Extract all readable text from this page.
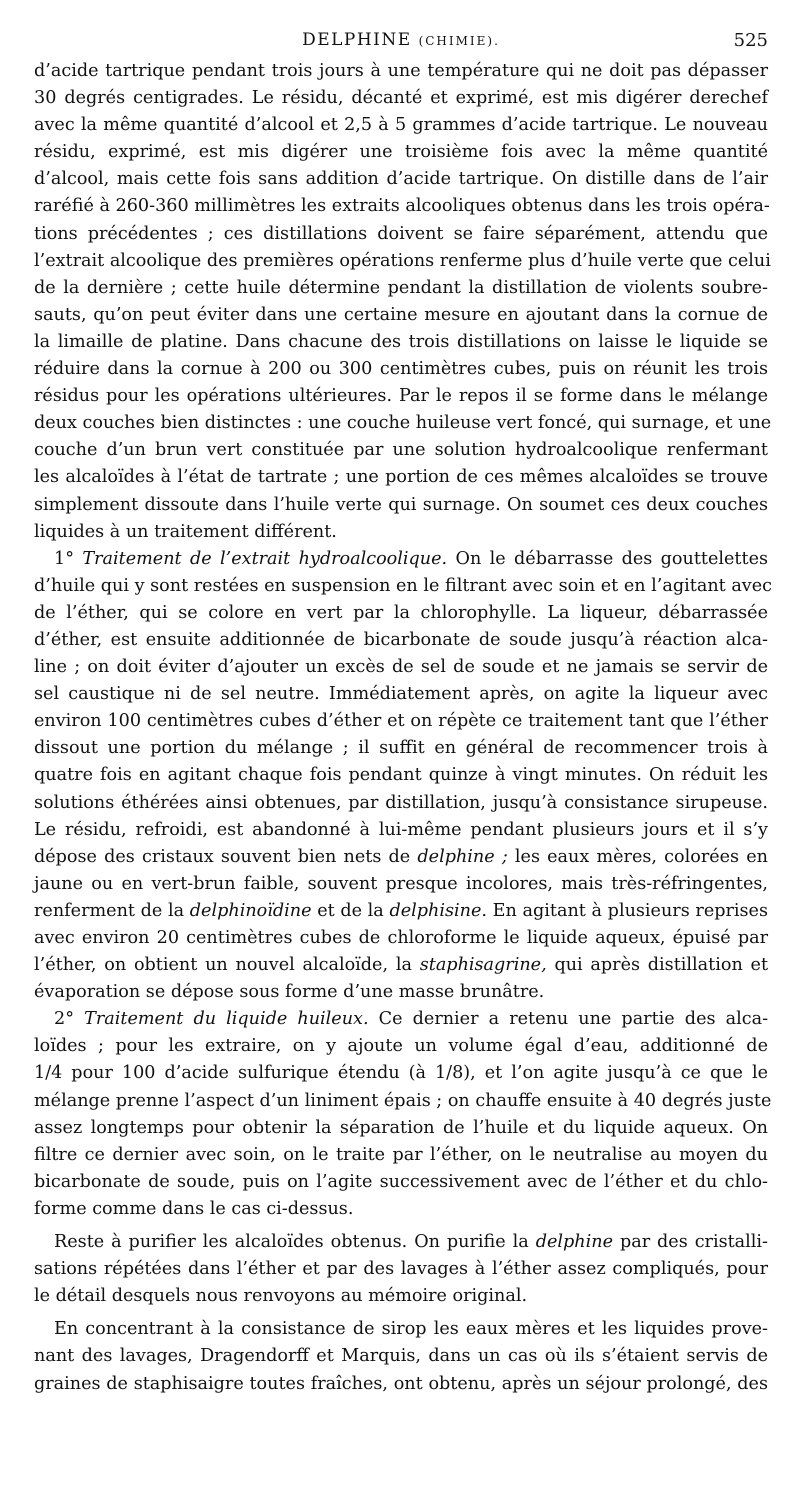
DELPHINE (CHIMIE).	525
d’acide tartrique pendant trois jours à une température qui ne doit pas dépasser
30 degrés centigrades. Le résidu, décanté et exprimé, est mis digérer derechef
avec la même quantité d’alcool et 2,5 à 5 grammes d’acide tartrique. Le nouveau
résidu, exprimé, est mis digérer une troisième fois avec la même quantité
d’alcool, mais cette fois sans addition d’acide tartrique. On distille dans de l’air
raréfié à 260-360 millimètres les extraits alcooliques obtenus dans les trois opéra-
tions précédentes ; ces distillations doivent se faire séparément, attendu que
l’extrait alcoolique des premières opérations renferme plus d’huile verte que celui
de la dernière ; cette huile détermine pendant la distillation de violents soubre-
sauts, qu’on peut éviter dans une certaine mesure en ajoutant dans la cornue de
la limaille de platine. Dans chacune des trois distillations on laisse le liquide se
réduire dans la cornue à 200 ou 300 centimètres cubes, puis on réunit les trois
résidus pour les opérations ultérieures. Par le repos il se forme dans le mélange
deux couches bien distinctes : une couche huileuse vert foncé, qui surnage, et une
couche d’un brun vert constituée par une solution hydroalcoolique renfermant
les alcaloïdes à l’état de tartrate ; une portion de ces mêmes alcaloïdes se trouve
simplement dissoute dans l’huile verte qui surnage. On soumet ces deux couches
liquides à un traitement différent.
1° Traitement de l’extrait hydroalcoolique. On le débarrasse des gouttelettes
d’huile qui y sont restées en suspension en le filtrant avec soin et en l’agitant avec
de l’éther, qui se colore en vert par la chlorophylle. La liqueur, débarrassée
d’éther, est ensuite additionnée de bicarbonate de soude jusqu’à réaction alca-
line ; on doit éviter d’ajouter un excès de sel de soude et ne jamais se servir de
sel caustique ni de sel neutre. Immédiatement après, on agite la liqueur avec
environ 100 centimètres cubes d’éther et on répète ce traitement tant que l’éther
dissout une portion du mélange ; il suffit en général de recommencer trois à
quatre fois en agitant chaque fois pendant quinze à vingt minutes. On réduit les
solutions éthérées ainsi obtenues, par distillation, jusqu’à consistance sirupeuse.
Le résidu, refroidi, est abandonné à lui-même pendant plusieurs jours et il s’y
dépose des cristaux souvent bien nets de delphine ; les eaux mères, colorées en
jaune ou en vert-brun faible, souvent presque incolores, mais très-réfringentes,
renferment de la delphinoïdine et de la delphisine. En agitant à plusieurs reprises
avec environ 20 centimètres cubes de chloroforme le liquide aqueux, épuisé par
l’éther, on obtient un nouvel alcaloïde, la staphisagrine, qui après distillation et
évaporation se dépose sous forme d’une masse brunâtre.
2° Traitement du liquide huileux. Ce dernier a retenu une partie des alca-
loïdes ; pour les extraire, on y ajoute un volume égal d’eau, additionné de
1/4 pour 100 d’acide sulfurique étendu (à 1/8), et l’on agite jusqu’à ce que le
mélange prenne l’aspect d’un liniment épais ; on chauffe ensuite à 40 degrés juste
assez longtemps pour obtenir la séparation de l’huile et du liquide aqueux. On
filtre ce dernier avec soin, on le traite par l’éther, on le neutralise au moyen du
bicarbonate de soude, puis on l’agite successivement avec de l’éther et du chlo-
forme comme dans le cas ci-dessus.
Reste à purifier les alcaloïdes obtenus. On purifie la delphine par des cristalli-
sations répétées dans l’éther et par des lavages à l’éther assez compliqués, pour
le détail desquels nous renvoyons au mémoire original.
En concentrant à la consistance de sirop les eaux mères et les liquides prove-
nant des lavages, Dragendorff et Marquis, dans un cas où ils s’étaient servis de
graines de staphisaigre toutes fraîches, ont obtenu, après un séjour prolongé, des
